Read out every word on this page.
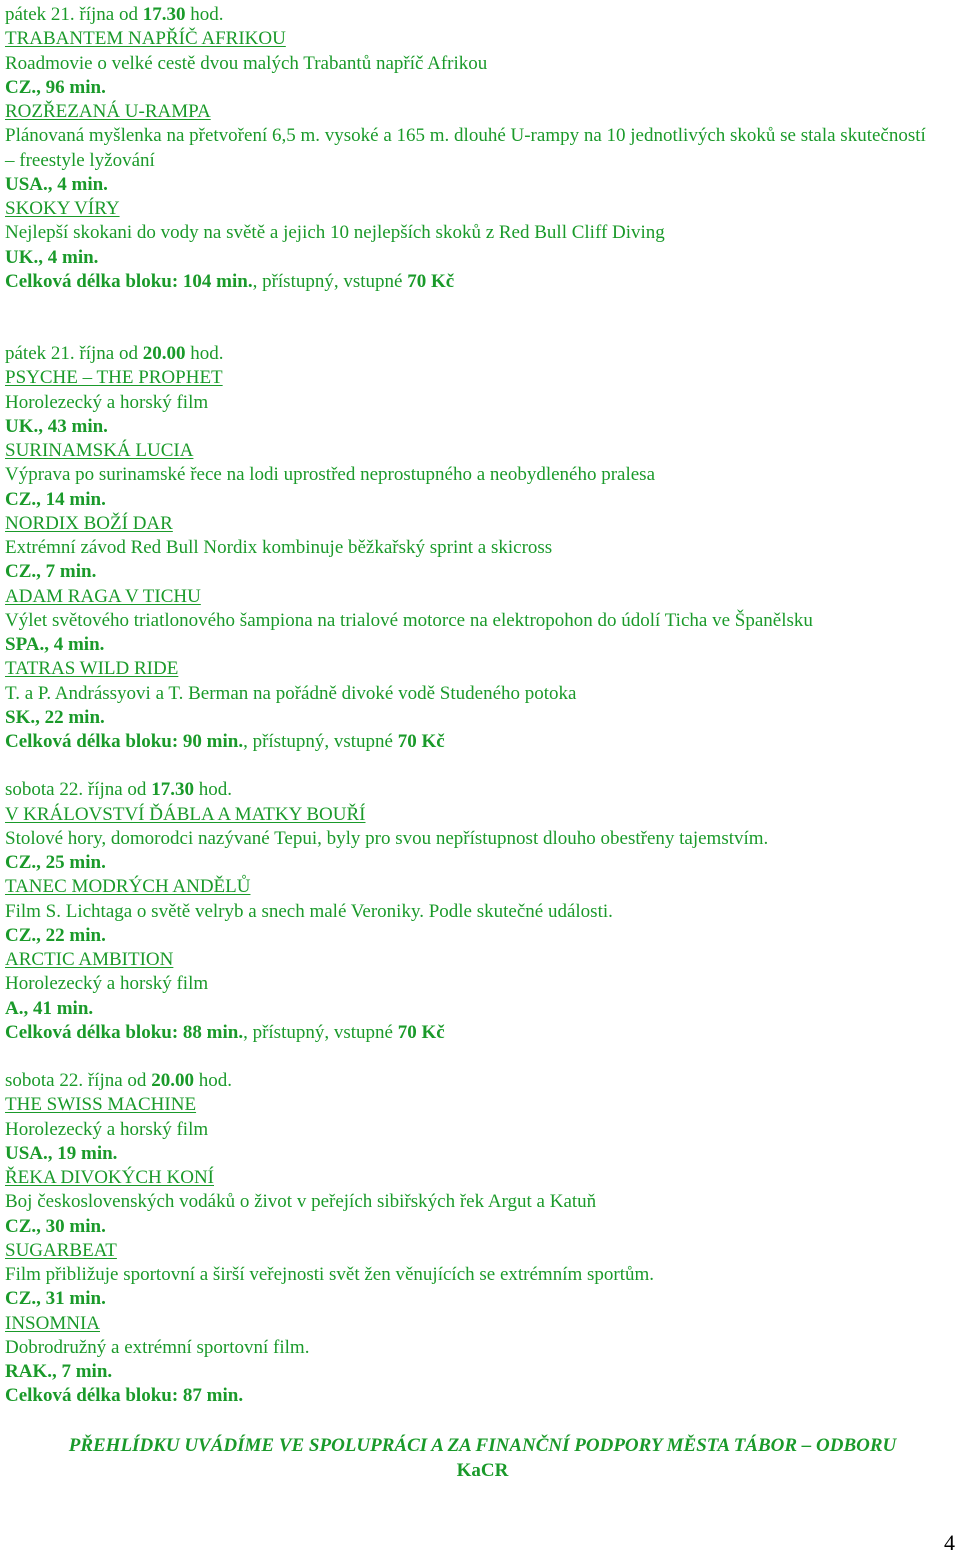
pátek 21. října od 17.30 hod.
TRABANTEM NAPŘÍČ AFRIKOU
Roadmovie o velké cestě dvou malých Trabantů napříč Afrikou
CZ., 96 min.
ROZŘEZANÁ U-RAMPA
Plánovaná myšlenka na přetvoření 6,5 m. vysoké a 165 m. dlouhé U-rampy na 10 jednotlivých skoků se stala skutečností – freestyle lyžování
USA., 4 min.
SKOKY VÍRY
Nejlepší skokani do vody na světě a jejich 10 nejlepších skoků z Red Bull Cliff Diving
UK., 4 min.
Celková délka bloku: 104 min., přístupný, vstupné 70 Kč
pátek 21. října od 20.00 hod.
PSYCHE – THE PROPHET
Horolezecký a horský film
UK., 43 min.
SURINAMSKÁ LUCIA
Výprava po surinamské řece na lodi uprostřed neprostupného a neobydleného pralesa
CZ., 14 min.
NORDIX BOŽÍ DAR
Extrémní závod Red Bull Nordix kombinuje běžkařský sprint a skicross
CZ., 7 min.
ADAM RAGA V TICHU
Výlet světového triatlonového šampiona na trialové motorce na elektropohon do údolí Ticha ve Španělsku
SPA., 4 min.
TATRAS WILD RIDE
T. a P. Andrássyovi a T. Berman na pořádně divoké vodě Studeného potoka
SK., 22 min.
Celková délka bloku: 90 min., přístupný, vstupné 70 Kč
sobota 22. října od 17.30 hod.
V KRÁLOVSTVÍ ĎÁBLA A MATKY BOUŘÍ
Stolové hory, domorodci nazývané Tepui, byly pro svou nepřístupnost dlouho obestřeny tajemstvím.
CZ., 25 min.
TANEC MODRÝCH ANDĚLŮ
Film S. Lichtaga o světě velryb a snech malé Veroniky. Podle skutečné události.
CZ., 22 min.
ARCTIC AMBITION
Horolezecký a horský film
A., 41 min.
Celková délka bloku: 88 min., přístupný, vstupné 70 Kč
sobota 22. října od 20.00 hod.
THE SWISS MACHINE
Horolezecký a horský film
USA., 19 min.
ŘEKA DIVOKÝCH KONÍ
Boj československých vodáků o život v peřejích sibiřských řek Argut a Katuň
CZ., 30 min.
SUGARBEAT
Film přibližuje sportovní a širší veřejnosti svět žen věnujících se extrémním sportům.
CZ., 31 min.
INSOMNIA
Dobrodružný a extrémní sportovní film.
RAK., 7 min.
Celková délka bloku: 87 min.
PŘEHLÍDKU UVÁDÍME VE SPOLUPRÁCI A ZA FINANČNÍ PODPORY MĚSTA TÁBOR – ODBORU
KaCR
4
